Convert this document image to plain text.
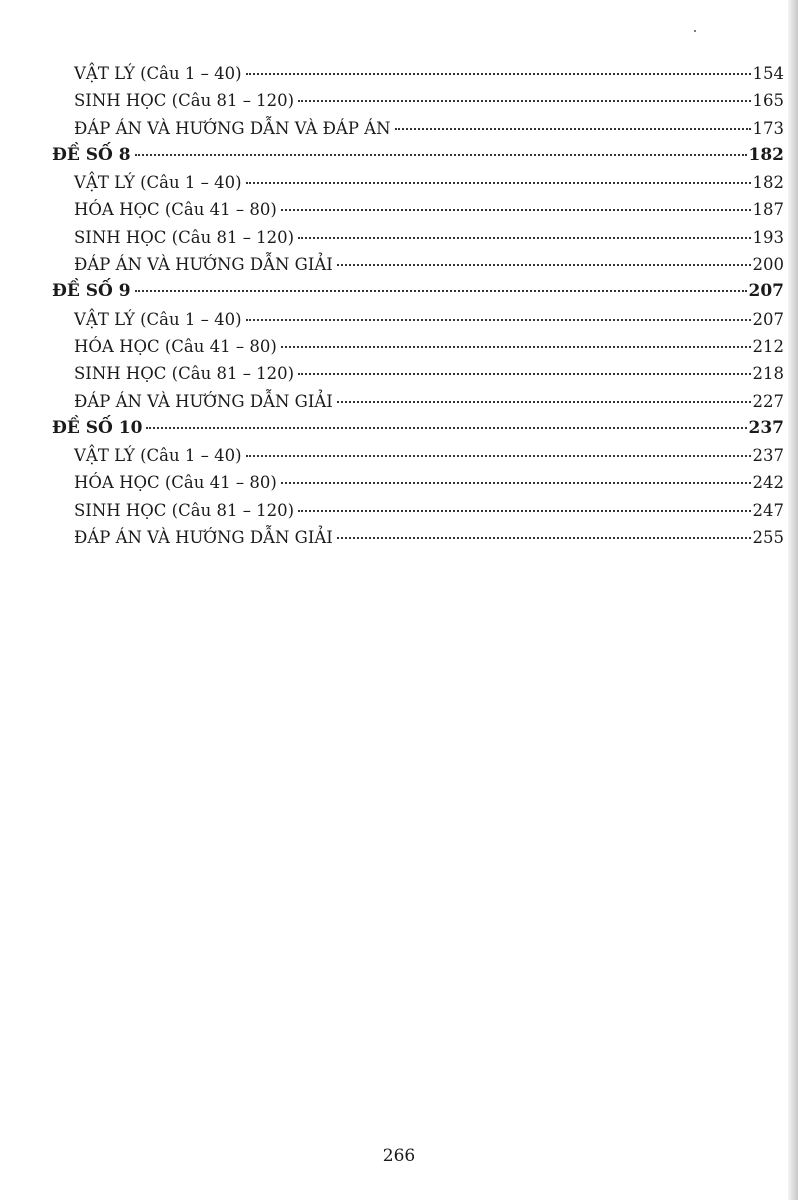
VẬT LÝ (Câu 1 – 40)	154
SINH HỌC (Câu 81 – 120)	165
ĐÁP ÁN VÀ HƯỚNG DẪN VÀ ĐÁP ÁN	173
ĐỀ SỐ 8	182
VẬT LÝ (Câu 1 – 40)	182
HÓA HỌC (Câu 41 – 80)	187
SINH HỌC (Câu 81 – 120)	193
ĐÁP ÁN VÀ HƯỚNG DẪN GIẢI	200
ĐỀ SỐ 9	207
VẬT LÝ (Câu 1 – 40)	207
HÓA HỌC (Câu 41 – 80)	212
SINH HỌC (Câu 81 – 120)	218
ĐÁP ÁN VÀ HƯỚNG DẪN GIẢI	227
ĐỀ SỐ 10	237
VẬT LÝ (Câu 1 – 40)	237
HÓA HỌC (Câu 41 – 80)	242
SINH HỌC (Câu 81 – 120)	247
ĐÁP ÁN VÀ HƯỚNG DẪN GIẢI	255
266
